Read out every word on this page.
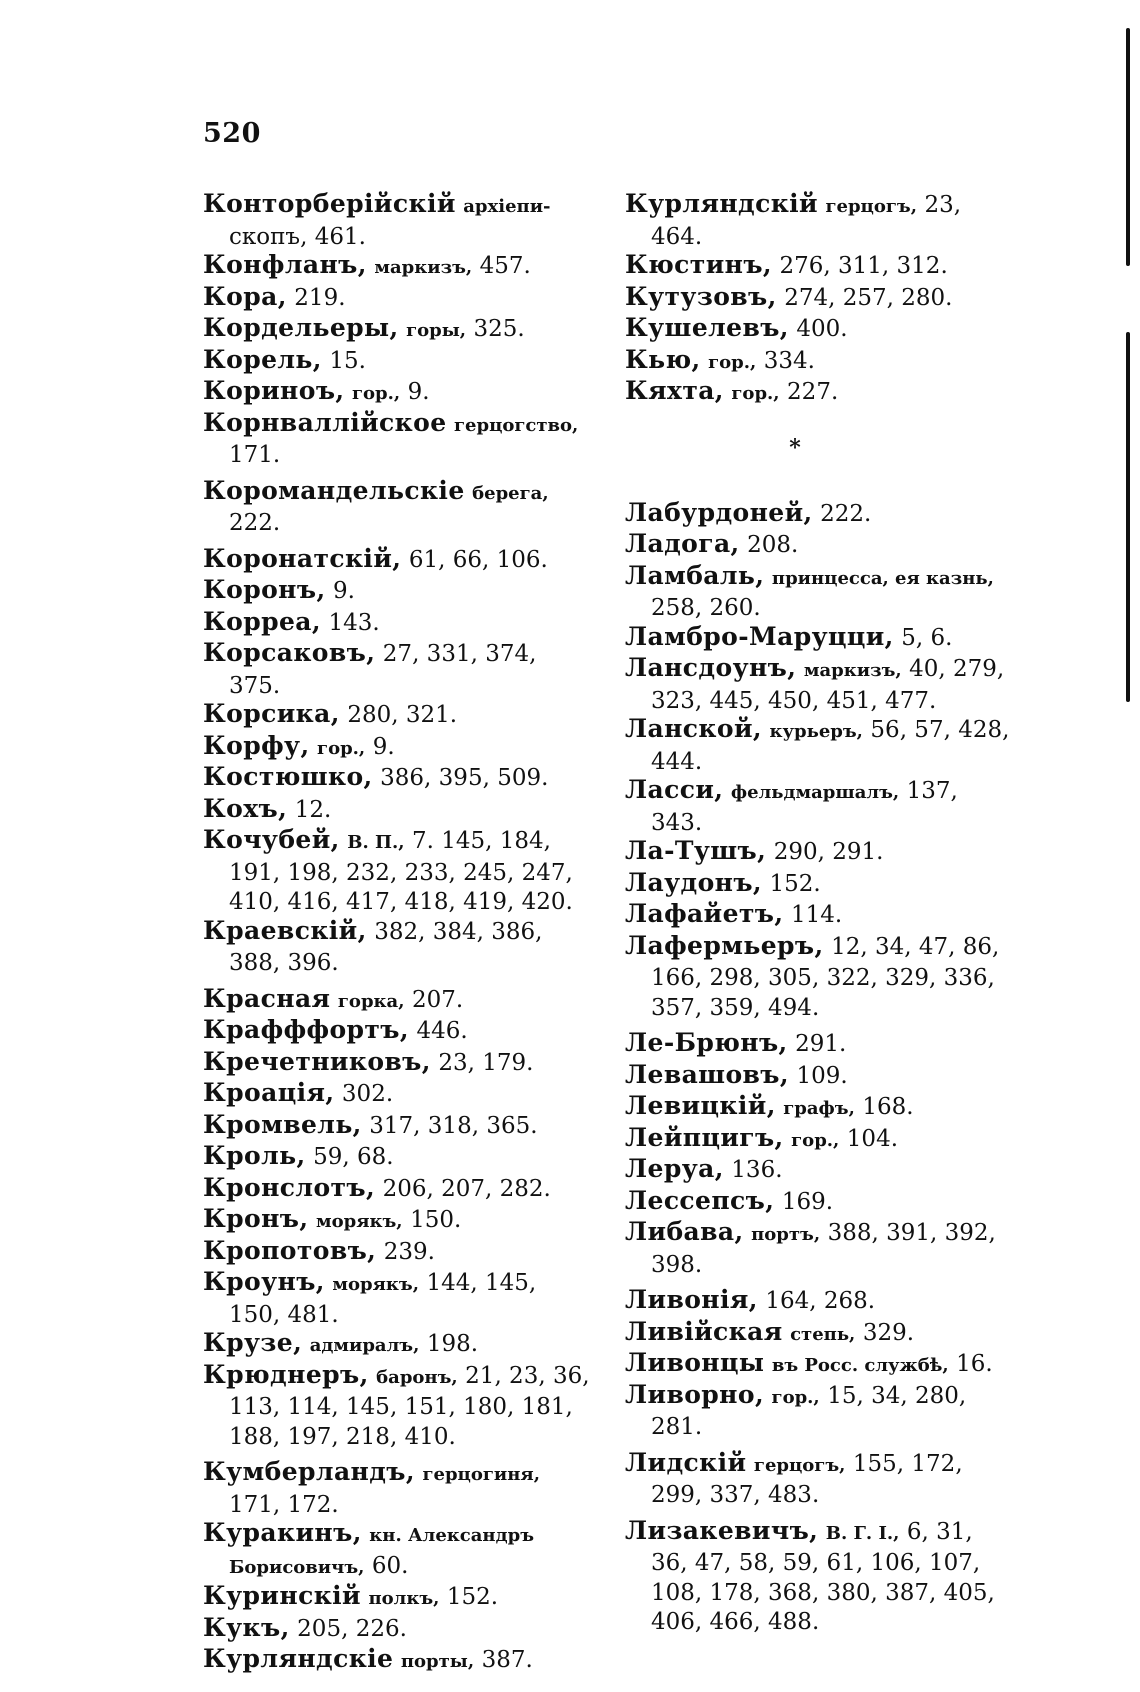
520
Конторберійскій архіепи- скопъ, 461.
Конфланъ, маркизъ, 457.
Кора, 219.
Кордельеры, горы, 325.
Корель, 15.
Кориноъ, гор., 9.
Корнваллійское герцогство, 171.
Коромандельскіе берега, 222.
Коронатскій, 61, 66, 106.
Коронъ, 9.
Корреа, 143.
Корсаковъ, 27, 331, 374, 375.
Корсика, 280, 321.
Корфу, гор., 9.
Костюшко, 386, 395, 509.
Кохъ, 12.
Кочубей, В. П., 7. 145, 184, 191, 198, 232, 233, 245, 247, 410, 416, 417, 418, 419, 420.
Краевскій, 382, 384, 386, 388, 396.
Красная горка, 207.
Крафффортъ, 446.
Кречетниковъ, 23, 179.
Кроація, 302.
Кромвель, 317, 318, 365.
Кроль, 59, 68.
Кронслотъ, 206, 207, 282.
Кронъ, морякъ, 150.
Кропотовъ, 239.
Кроунъ, морякъ, 144, 145, 150, 481.
Крузе, адмиралъ, 198.
Крюднеръ, баронъ, 21, 23, 36, 113, 114, 145, 151, 180, 181, 188, 197, 218, 410.
Кумберландъ, герцогиня, 171, 172.
Куракинъ, кн. Александръ Борисовичъ, 60.
Куринскій полкъ, 152.
Кукъ, 205, 226.
Курляндскіе порты, 387.
Курляндскій герцогъ, 23, 464.
Кюстинъ, 276, 311, 312.
Кутузовъ, 274, 257, 280.
Кушелевъ, 400.
Кью, гор., 334.
Кяхта, гор., 227.
*
Лабурдоней, 222.
Ладога, 208.
Ламбаль, принцесса, ея казнь, 258, 260.
Ламбро-Маруцци, 5, 6.
Лансдоунъ, маркизъ, 40, 279, 323, 445, 450, 451, 477.
Ланской, курьеръ, 56, 57, 428, 444.
Ласси, фельдмаршалъ, 137, 343.
Ла-Тушъ, 290, 291.
Лаудонъ, 152.
Лафайетъ, 114.
Лафермьеръ, 12, 34, 47, 86, 166, 298, 305, 322, 329, 336, 357, 359, 494.
Ле-Брюнъ, 291.
Левашовъ, 109.
Левицкій, графъ, 168.
Лейпцигъ, гор., 104.
Леруа, 136.
Лессепсъ, 169.
Либава, портъ, 388, 391, 392, 398.
Ливонія, 164, 268.
Ливійская степь, 329.
Ливонцы въ Росс. службѣ, 16.
Ливорно, гор., 15, 34, 280, 281.
Лидскій герцогъ, 155, 172, 299, 337, 483.
Лизакевичъ, В. Г. І., 6, 31, 36, 47, 58, 59, 61, 106, 107, 108, 178, 368, 380, 387, 405, 406, 466, 488.
